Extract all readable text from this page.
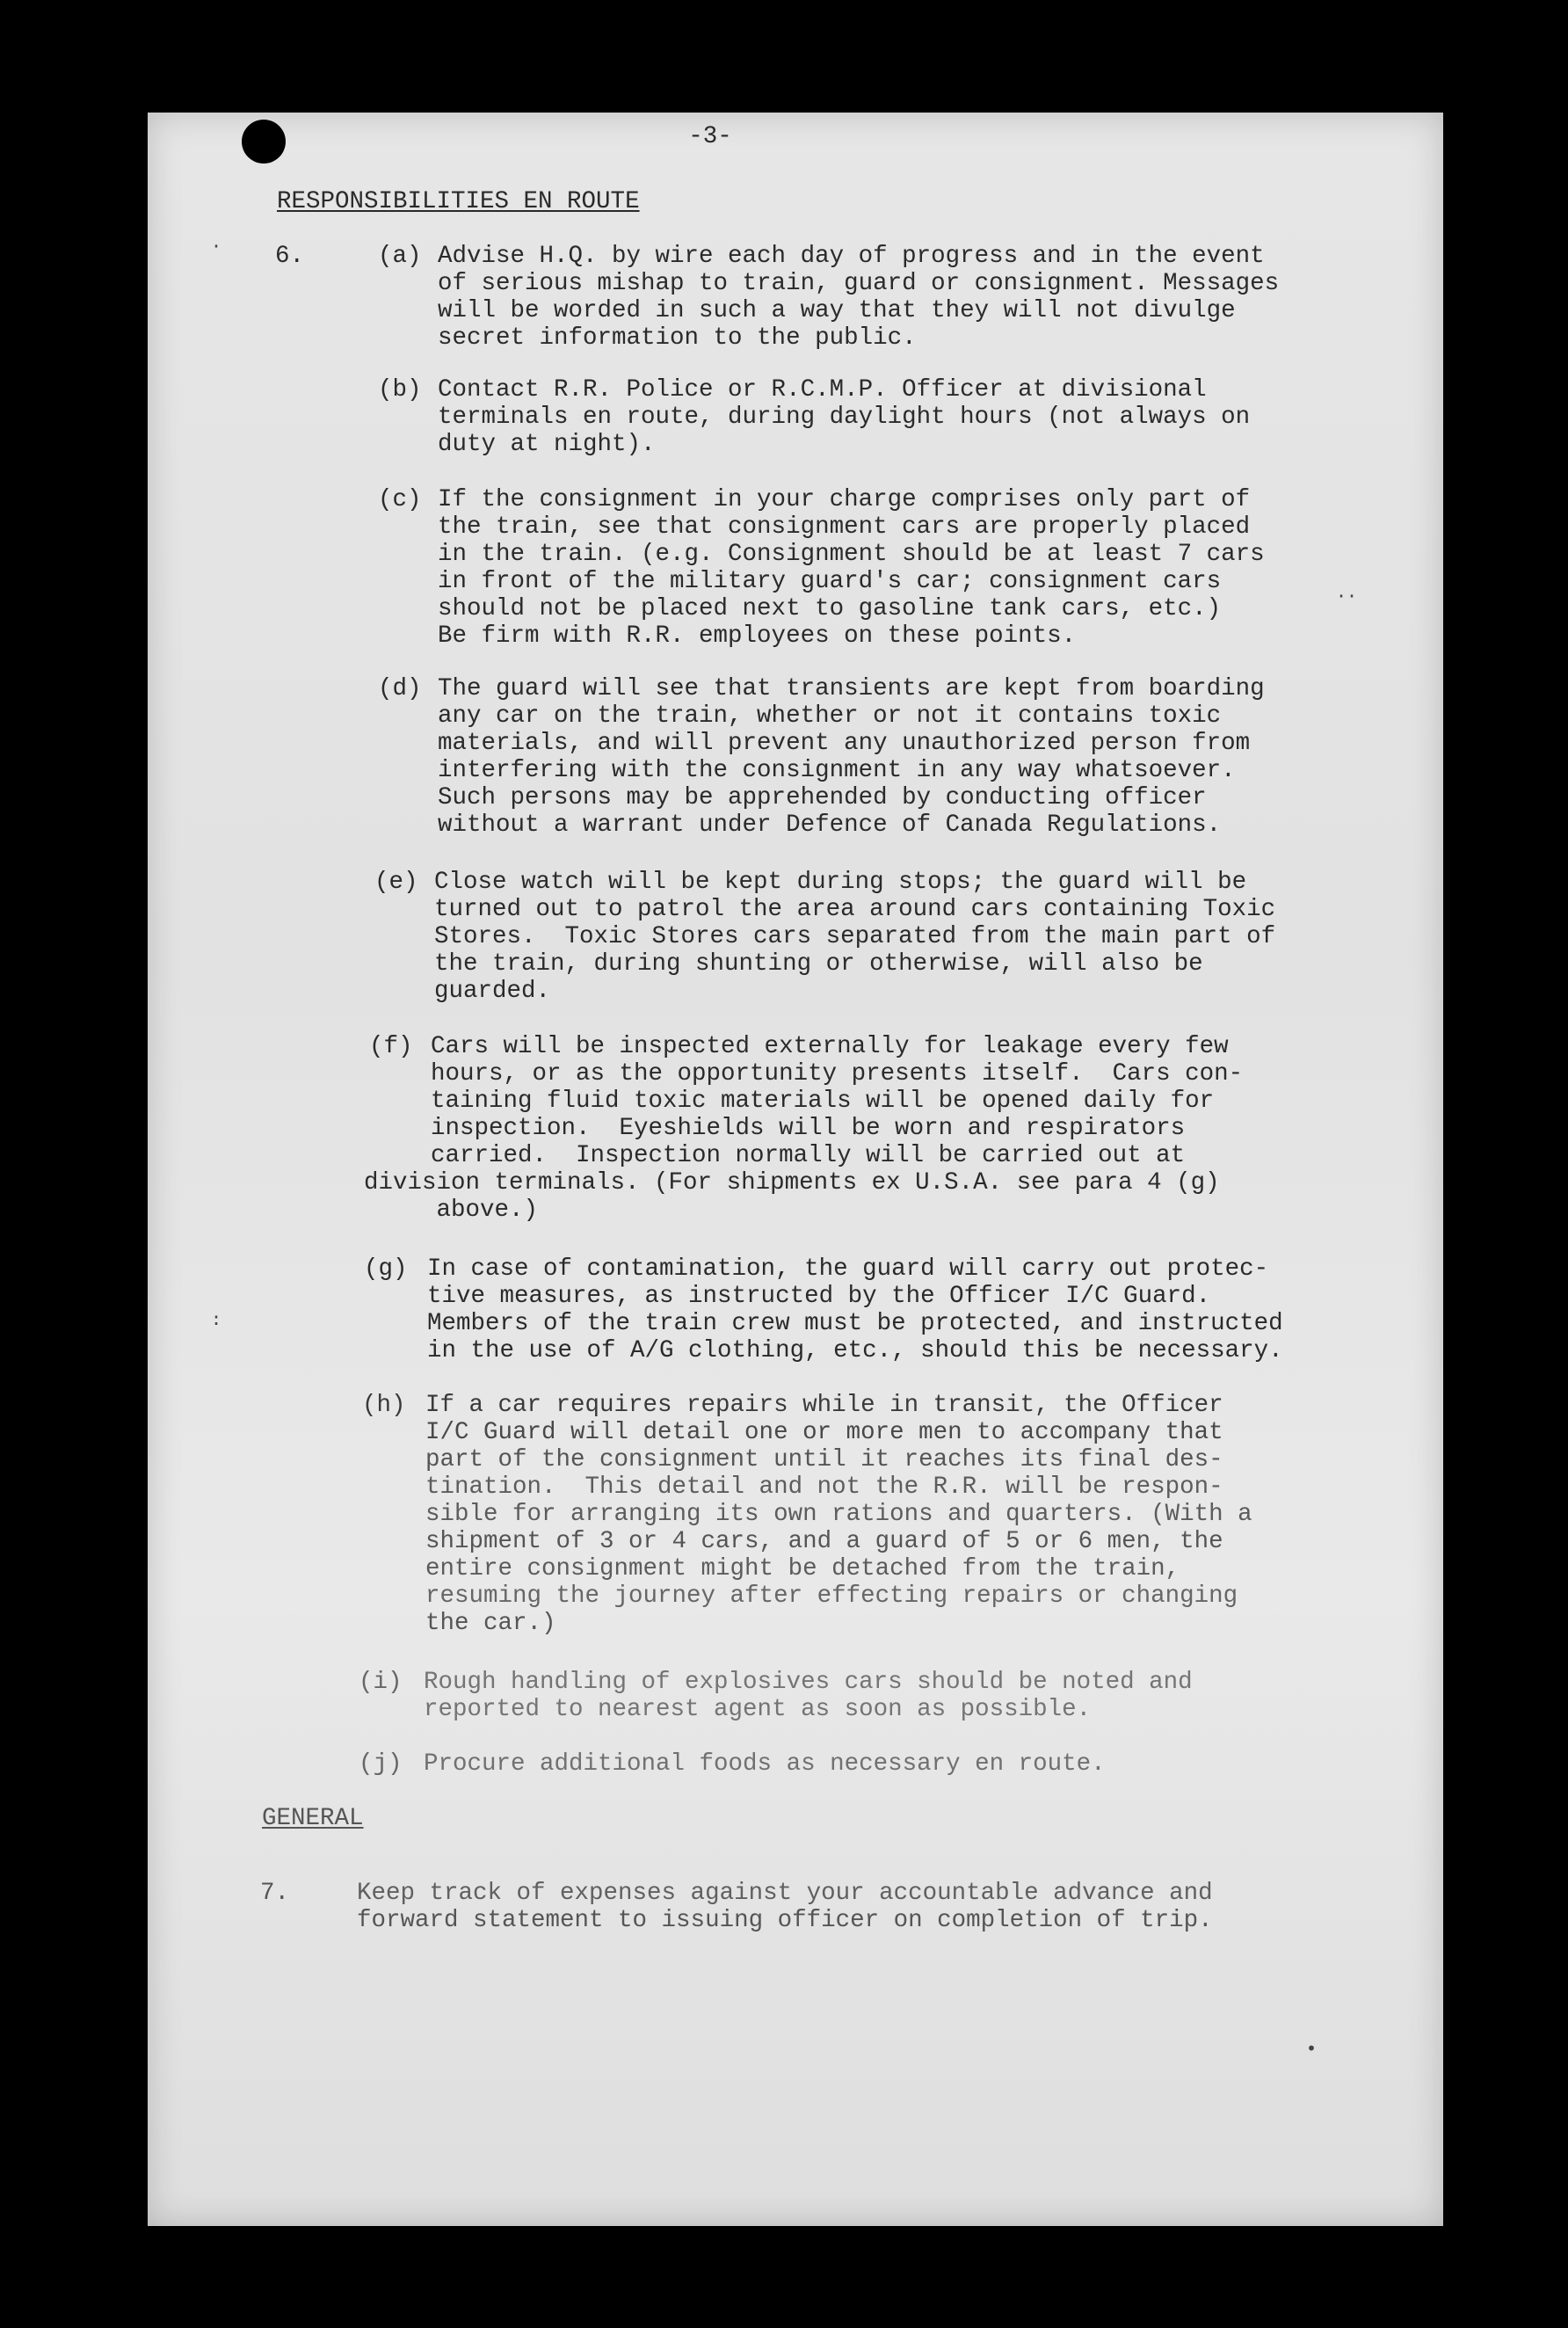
-3-

RESPONSIBILITIES EN ROUTE

6.	(a) Advise H.Q. by wire each day of progress and in the event

of serious mishap to train, guard or consignment. Messages

will be worded in such a way that they will not divulge

secret information to the public.

(b) Contact R.R. Police or R.C.M.P. Officer at divisional

terminals en route, during daylight hours (not always on

duty at night).

(c) If the consignment in your charge comprises only part of

the train, see that consignment cars are properly placed

in the train. (e.g. Consignment should be at least 7 cars

in front of the military guard's car; consignment cars

should not be placed next to gasoline tank cars, etc.)

Be firm with R.R. employees on these points.

(d) The guard will see that transients are kept from boarding

any car on the train, whether or not it contains toxic

materials, and will prevent any unauthorized person from

interfering with the consignment in any way whatsoever.

Such persons may be apprehended by conducting officer

without a warrant under Defence of Canada Regulations.

(e) Close watch will be kept during stops; the guard will be

turned out to patrol the area around cars containing Toxic

Stores.  Toxic Stores cars separated from the main part of

the train, during shunting or otherwise, will also be

guarded.

(f) Cars will be inspected externally for leakage every few

hours, or as the opportunity presents itself.  Cars con-

taining fluid toxic materials will be opened daily for

inspection.  Eyeshields will be worn and respirators

carried.  Inspection normally will be carried out at

division terminals. (For shipments ex U.S.A. see para 4 (g)

above.)

(g) In case of contamination, the guard will carry out protec-

tive measures, as instructed by the Officer I/C Guard.

Members of the train crew must be protected, and instructed

in the use of A/G clothing, etc., should this be necessary.

(h) If a car requires repairs while in transit, the Officer

I/C Guard will detail one or more men to accompany that

part of the consignment until it reaches its final des-

tination.  This detail and not the R.R. will be respon-

sible for arranging its own rations and quarters. (With a

shipment of 3 or 4 cars, and a guard of 5 or 6 men, the

entire consignment might be detached from the train,

resuming the journey after effecting repairs or changing

the car.)

(i) Rough handling of explosives cars should be noted and

reported to nearest agent as soon as possible.

(j) Procure additional foods as necessary en route.

GENERAL

7.	Keep track of expenses against your accountable advance and

forward statement to issuing officer on completion of trip.

··
•
·
:
